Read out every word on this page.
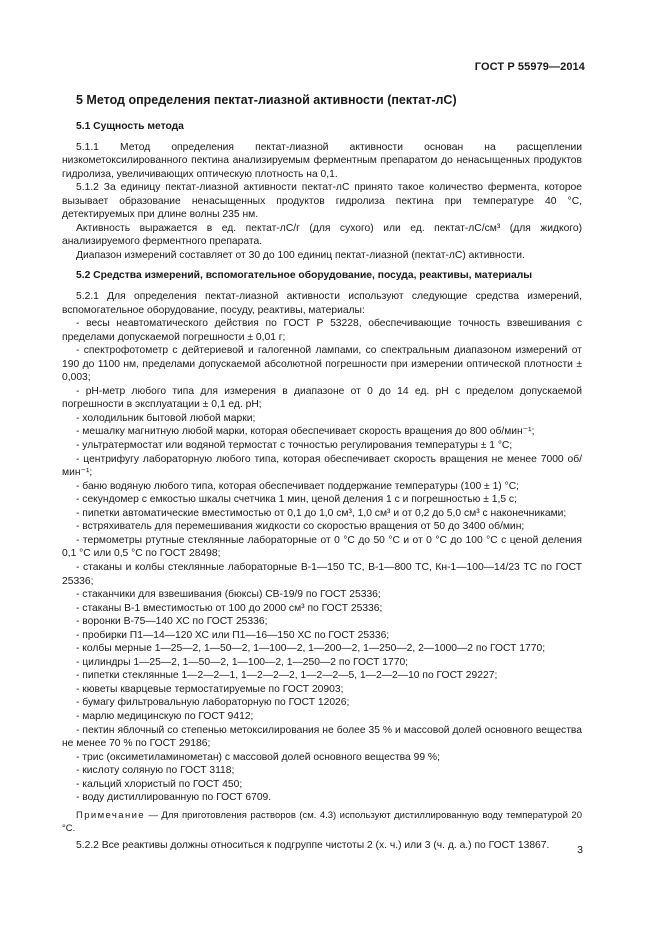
ГОСТ Р 55979—2014
5 Метод определения пектат-лиазной активности (пектат-лС)

5.1 Сущность метода

5.1.1 Метод определения пектат-лиазной активности основан на расщеплении низкометоксилированного пектина анализируемым ферментным препаратом до ненасыщенных продуктов гидролиза, увеличивающих оптическую плотность на 0,1.

5.1.2 За единицу пектат-лиазной активности пектат-лС принято такое количество фермента, которое вызывает образование ненасыщенных продуктов гидролиза пектина при температуре 40 °С, детектируемых при длине волны 235 нм.

Активность выражается в ед. пектат-лС/г (для сухого) или ед. пектат-лС/см³ (для жидкого) анализируемого ферментного препарата.

Диапазон измерений составляет от 30 до 100 единиц пектат-лиазной (пектат-лС) активности.

5.2 Средства измерений, вспомогательное оборудование, посуда, реактивы, материалы

5.2.1 Для определения пектат-лиазной активности используют следующие средства измерений, вспомогательное оборудование, посуду, реактивы, материалы:

- весы неавтоматического действия по ГОСТ Р 53228, обеспечивающие точность взвешивания с пределами допускаемой погрешности ± 0,01 г;

- спектрофотометр с дейтериевой и галогенной лампами, со спектральным диапазоном измерений от 190 до 1100 нм, пределами допускаемой абсолютной погрешности при измерении оптической плотности ± 0,003;

- рН-метр любого типа для измерения в диапазоне от 0 до 14 ед. рН с пределом допускаемой погрешности в эксплуатации ± 0,1 ед. рН;

- холодильник бытовой любой марки;

- мешалку магнитную любой марки, которая обеспечивает скорость вращения до 800 об/мин⁻¹;

- ультратермостат или водяной термостат с точностью регулирования температуры ± 1 °С;

- центрифугу лабораторную любого типа, которая обеспечивает скорость вращения не менее 7000 об/мин⁻¹;

- баню водяную любого типа, которая обеспечивает поддержание температуры (100 ± 1) °С;

- секундомер с емкостью шкалы счетчика 1 мин, ценой деления 1 с и погрешностью ± 1,5 с;

- пипетки автоматические вместимостью от 0,1 до 1,0 см³, 1,0 см³ и от 0,2 до 5,0 см³ с наконечниками;

- встряхиватель для перемешивания жидкости со скоростью вращения от 50 до 3400 об/мин;

- термометры ртутные стеклянные лабораторные от 0 °С до 50 °С и от 0 °С до 100 °С с ценой деления 0,1 °С или 0,5 °С по ГОСТ 28498;

- стаканы и колбы стеклянные лабораторные В-1—150 ТС, В-1—800 ТС, Кн-1—100—14/23 ТС по ГОСТ 25336;

- стаканчики для взвешивания (бюксы) СВ-19/9 по ГОСТ 25336;

- стаканы В-1 вместимостью от 100 до 2000 см³ по ГОСТ 25336;

- воронки В-75—140 ХС по ГОСТ 25336;

- пробирки П1—14—120 ХС или П1—16—150 ХС по ГОСТ 25336;

- колбы мерные 1—25—2, 1—50—2, 1—100—2, 1—200—2, 1—250—2, 2—1000—2 по ГОСТ 1770;

- цилиндры 1—25—2, 1—50—2, 1—100—2, 1—250—2 по ГОСТ 1770;

- пипетки стеклянные 1—2—2—1, 1—2—2—2, 1—2—2—5, 1—2—2—10 по ГОСТ 29227;

- кюветы кварцевые термостатируемые по ГОСТ 20903;

- бумагу фильтровальную лабораторную по ГОСТ 12026;

- марлю медицинскую по ГОСТ 9412;

- пектин яблочный со степенью метоксилирования не более 35 % и массовой долей основного вещества не менее 70 % по ГОСТ 29186;

- трис (оксиметиламинометан) с массовой долей основного вещества 99 %;

- кислоту соляную по ГОСТ 3118;

- кальций хлористый по ГОСТ 450;

- воду дистиллированную по ГОСТ 6709.

Примечание — Для приготовления растворов (см. 4.3) используют дистиллированную воду температурой 20 °С.

5.2.2 Все реактивы должны относиться к подгруппе чистоты 2 (х. ч.) или 3 (ч. д. а.) по ГОСТ 13867.	3
